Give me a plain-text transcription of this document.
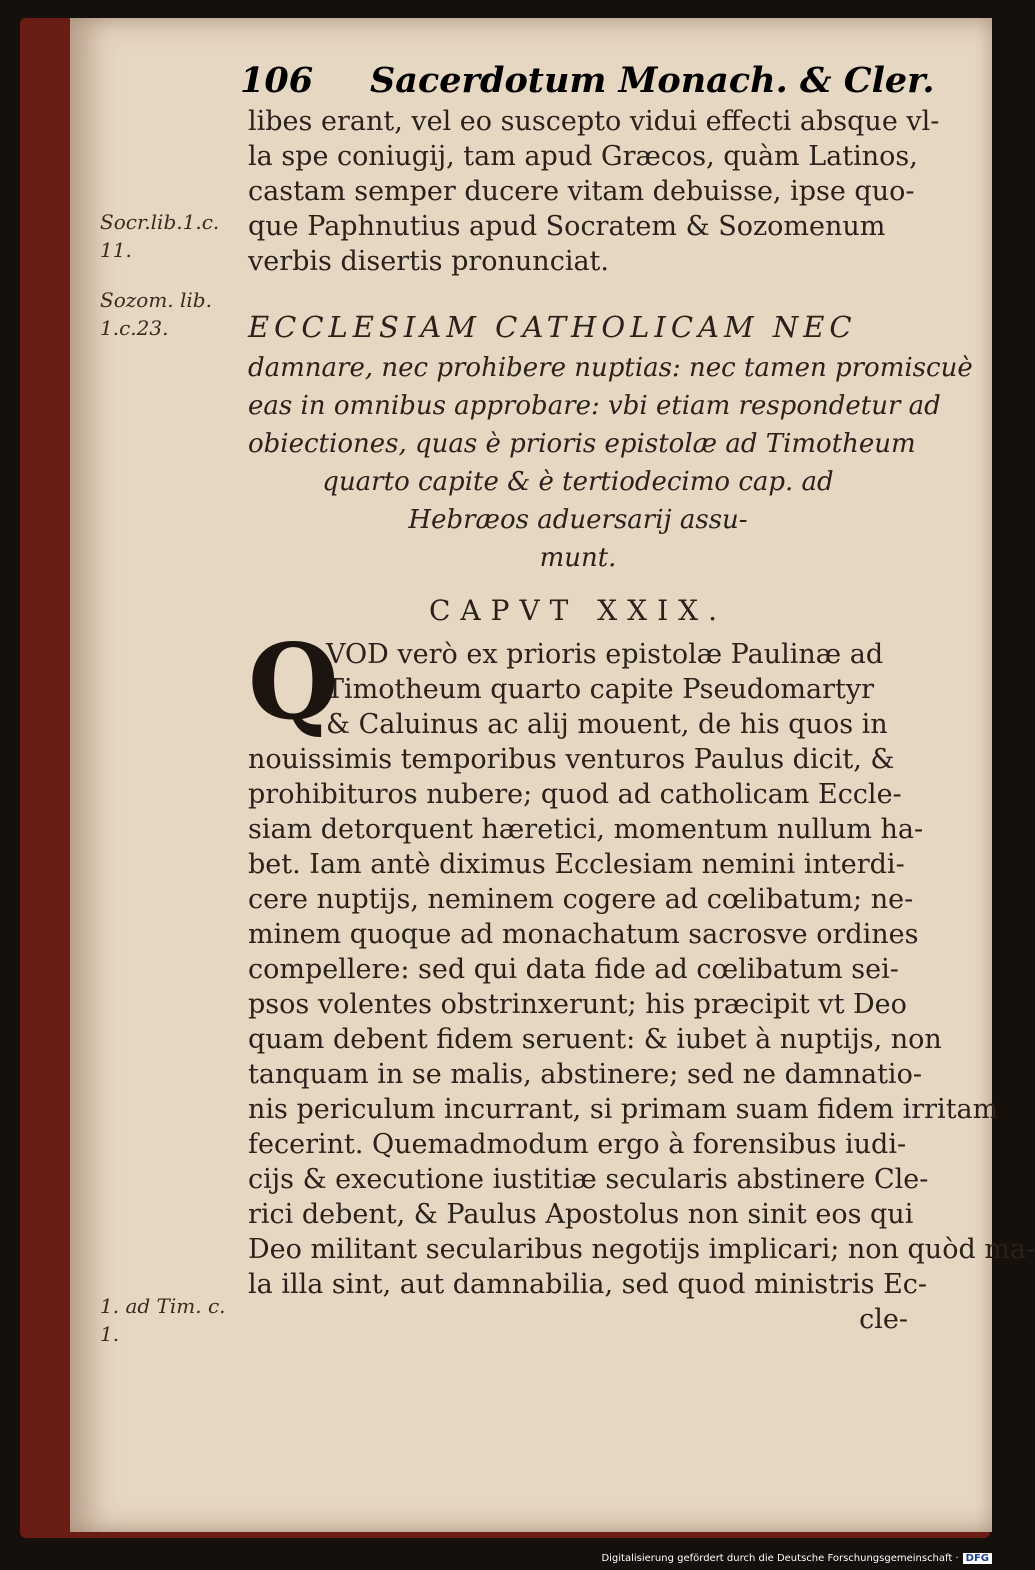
106 Sacerdotum Monach. & Cler.
Socr.lib.1.c.
11.
Sozom. lib.
1.c.23.
1. ad Tim. c.
1.
libes erant, vel eo suscepto vidui effecti absque vl-
la spe coniugij, tam apud Græcos, quàm Latinos,
castam semper ducere vitam debuisse, ipse quo-
que Paphnutius apud Socratem & Sozomenum
verbis disertis pronunciat.
ECCLESIAM CATHOLICAM NEC
damnare, nec prohibere nuptias: nec tamen promiscuè
eas in omnibus approbare: vbi etiam respondetur ad
obiectiones, quas è prioris epistolæ ad Timotheum
quarto capite & è tertiodecimo cap. ad
Hebræos aduersarij assu-
munt.
CAPVT XXIX.
Q
VOD verò ex prioris epistolæ Paulinæ ad
Timotheum quarto capite Pseudomartyr
& Caluinus ac alij mouent, de his quos in
nouissimis temporibus venturos Paulus dicit, &
prohibituros nubere; quod ad catholicam Eccle-
siam detorquent hæretici, momentum nullum ha-
bet. Iam antè diximus Ecclesiam nemini interdi-
cere nuptijs, neminem cogere ad cœlibatum; ne-
minem quoque ad monachatum sacrosve ordines
compellere: sed qui data fide ad cœlibatum sei-
psos volentes obstrinxerunt; his præcipit vt Deo
quam debent fidem seruent: & iubet à nuptijs, non
tanquam in se malis, abstinere; sed ne damnatio-
nis periculum incurrant, si primam suam fidem irritam
fecerint. Quemadmodum ergo à forensibus iudi-
cijs & executione iustitiæ secularis abstinere Cle-
rici debent, & Paulus Apostolus non sinit eos qui
Deo militant secularibus negotijs implicari; non quòd ma-
la illa sint, aut damnabilia, sed quod ministris Ec-
cle-
Digitalisierung gefördert durch die Deutsche Forschungsgemeinschaft · DFG
